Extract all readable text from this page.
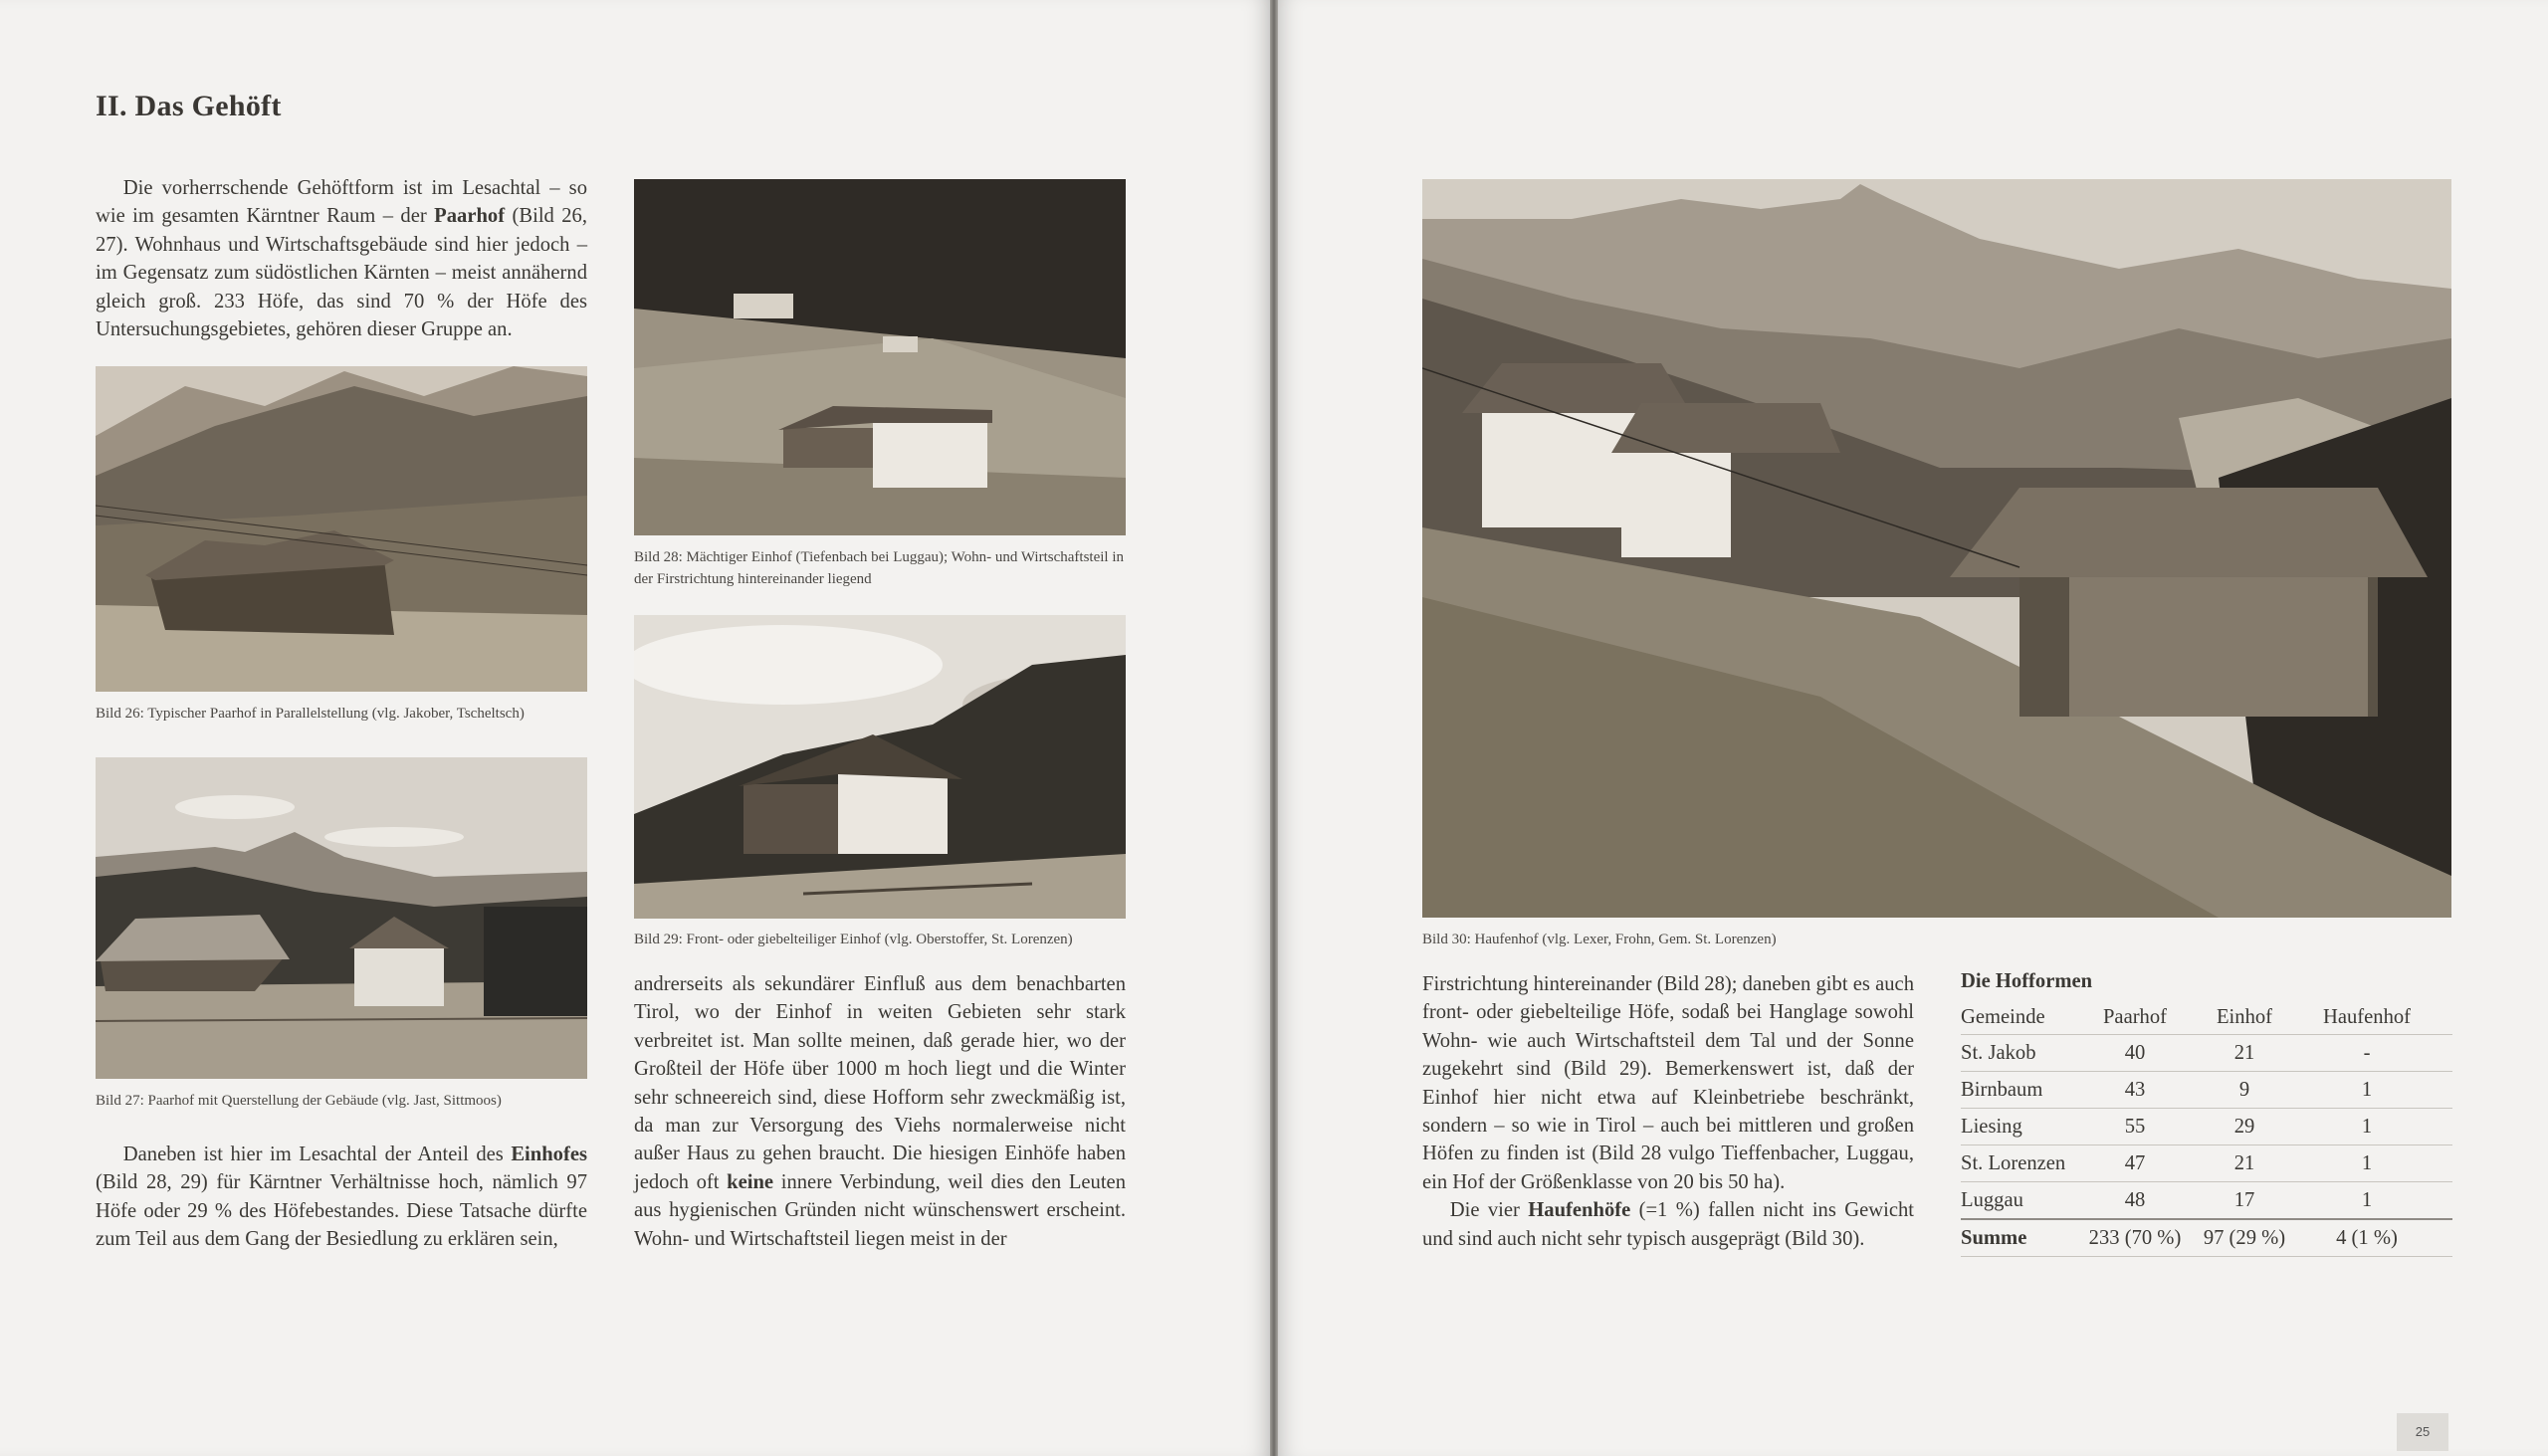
II. Das Gehöft

Die vorherrschende Gehöftform ist im Lesachtal – so wie im gesamten Kärntner Raum – der Paarhof (Bild 26, 27). Wohnhaus und Wirtschaftsgebäude sind hier jedoch – im Gegensatz zum südöstlichen Kärnten – meist annähernd gleich groß. 233 Höfe, das sind 70 % der Höfe des Untersuchungsgebietes, gehören dieser Gruppe an.

Bild 26: Typischer Paarhof in Parallelstellung (vlg. Jakober, Tscheltsch)
Bild 27: Paarhof mit Querstellung der Gebäude (vlg. Jast, Sittmoos)

Daneben ist hier im Lesachtal der Anteil des Einhofes (Bild 28, 29) für Kärntner Verhältnisse hoch, nämlich 97 Höfe oder 29 % des Höfebestandes. Diese Tatsache dürfte zum Teil aus dem Gang der Besiedlung zu erklären sein,

Bild 28: Mächtiger Einhof (Tiefenbach bei Luggau); Wohn- und Wirtschaftsteil in der Firstrichtung hintereinander liegend
Bild 29: Front- oder giebelteiliger Einhof (vlg. Oberstoffer, St. Lorenzen)

andrerseits als sekundärer Einfluß aus dem benachbarten Tirol, wo der Einhof in weiten Gebieten sehr stark verbreitet ist. Man sollte meinen, daß gerade hier, wo der Großteil der Höfe über 1000 m hoch liegt und die Winter sehr schneereich sind, diese Hofform sehr zweckmäßig ist, da man zur Versorgung des Viehs normalerweise nicht außer Haus zu gehen braucht. Die hiesigen Einhöfe haben jedoch oft keine innere Verbindung, weil dies den Leuten aus hygienischen Gründen nicht wünschenswert erscheint. Wohn- und Wirtschaftsteil liegen meist in der

Bild 30: Haufenhof (vlg. Lexer, Frohn, Gem. St. Lorenzen)

Firstrichtung hintereinander (Bild 28); daneben gibt es auch front- oder giebelteilige Höfe, sodaß bei Hanglage sowohl Wohn- wie auch Wirtschaftsteil dem Tal und der Sonne zugekehrt sind (Bild 29). Bemerkenswert ist, daß der Einhof hier nicht etwa auf Kleinbetriebe beschränkt, sondern – so wie in Tirol – auch bei mittleren und großen Höfen zu finden ist (Bild 28 vulgo Tieffenbacher, Luggau, ein Hof der Größenklasse von 20 bis 50 ha).

Die vier Haufenhöfe (=1 %) fallen nicht ins Gewicht und sind auch nicht sehr typisch ausgeprägt (Bild 30).

Die Hofformen
Gemeinde	Paarhof	Einhof	Haufenhof
St. Jakob	40	21	-
Birnbaum	43	9	1
Liesing	55	29	1
St. Lorenzen	47	21	1
Luggau	48	17	1
Summe	233 (70 %)	97 (29 %)	4 (1 %)
25
